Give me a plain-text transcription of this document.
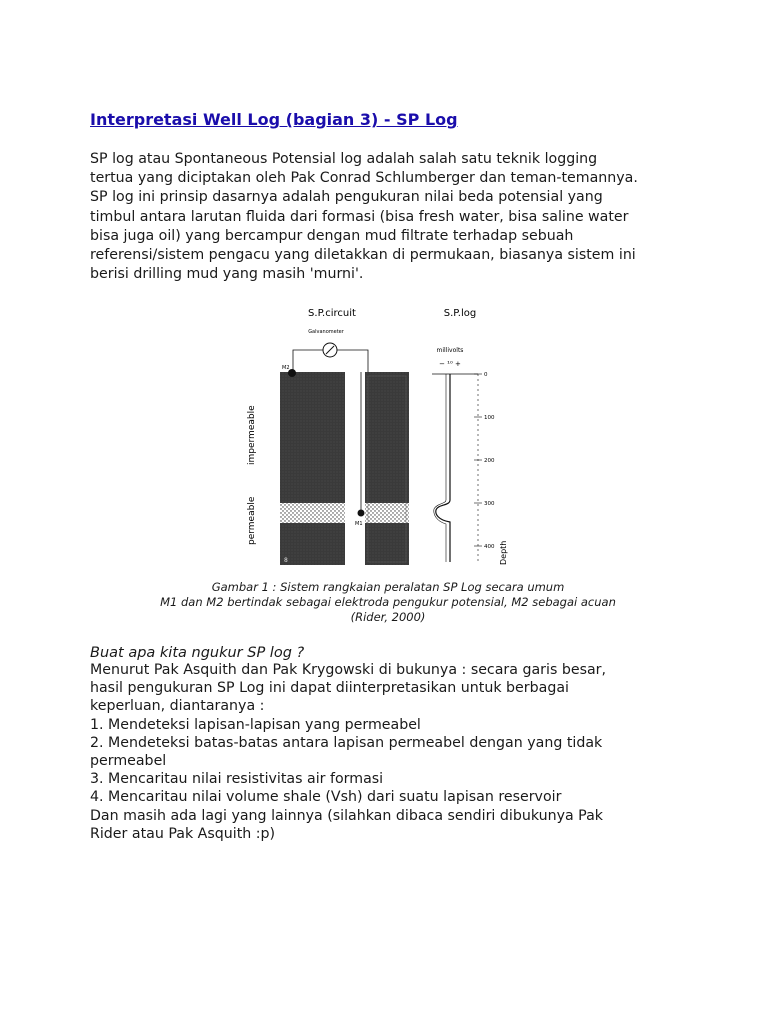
Interpretasi Well Log (bagian 3) - SP Log
SP log atau Spontaneous Potensial log adalah salah satu teknik logging
tertua yang diciptakan oleh Pak Conrad Schlumberger dan teman-temannya.
SP log ini prinsip dasarnya adalah pengukuran nilai beda potensial yang
timbul antara larutan fluida dari formasi (bisa fresh water, bisa saline water
bisa juga oil) yang bercampur dengan mud filtrate terhadap sebuah
referensi/sistem pengacu yang diletakkan di permukaan, biasanya sistem ini
berisi drilling mud yang masih 'murni'.
S.P.circuit	S.P.log
Galvanometer
M2
8
M1
impermeable
permeable
millivolts
− ¹⁰ +
0
100
200
300
400 Depth
Gambar 1 : Sistem rangkaian peralatan SP Log secara umum
M1 dan M2 bertindak sebagai elektroda pengukur potensial, M2 sebagai acuan
(Rider, 2000)
Buat apa kita ngukur SP log ?
Menurut Pak Asquith dan Pak Krygowski di bukunya : secara garis besar,
hasil pengukuran SP Log ini dapat diinterpretasikan untuk berbagai
keperluan, diantaranya :
1. Mendeteksi lapisan-lapisan yang permeabel
2. Mendeteksi batas-batas antara lapisan permeabel dengan yang tidak
permeabel
3. Mencaritau nilai resistivitas air formasi
4. Mencaritau nilai volume shale (Vsh) dari suatu lapisan reservoir
Dan masih ada lagi yang lainnya (silahkan dibaca sendiri dibukunya Pak
Rider atau Pak Asquith :p)
